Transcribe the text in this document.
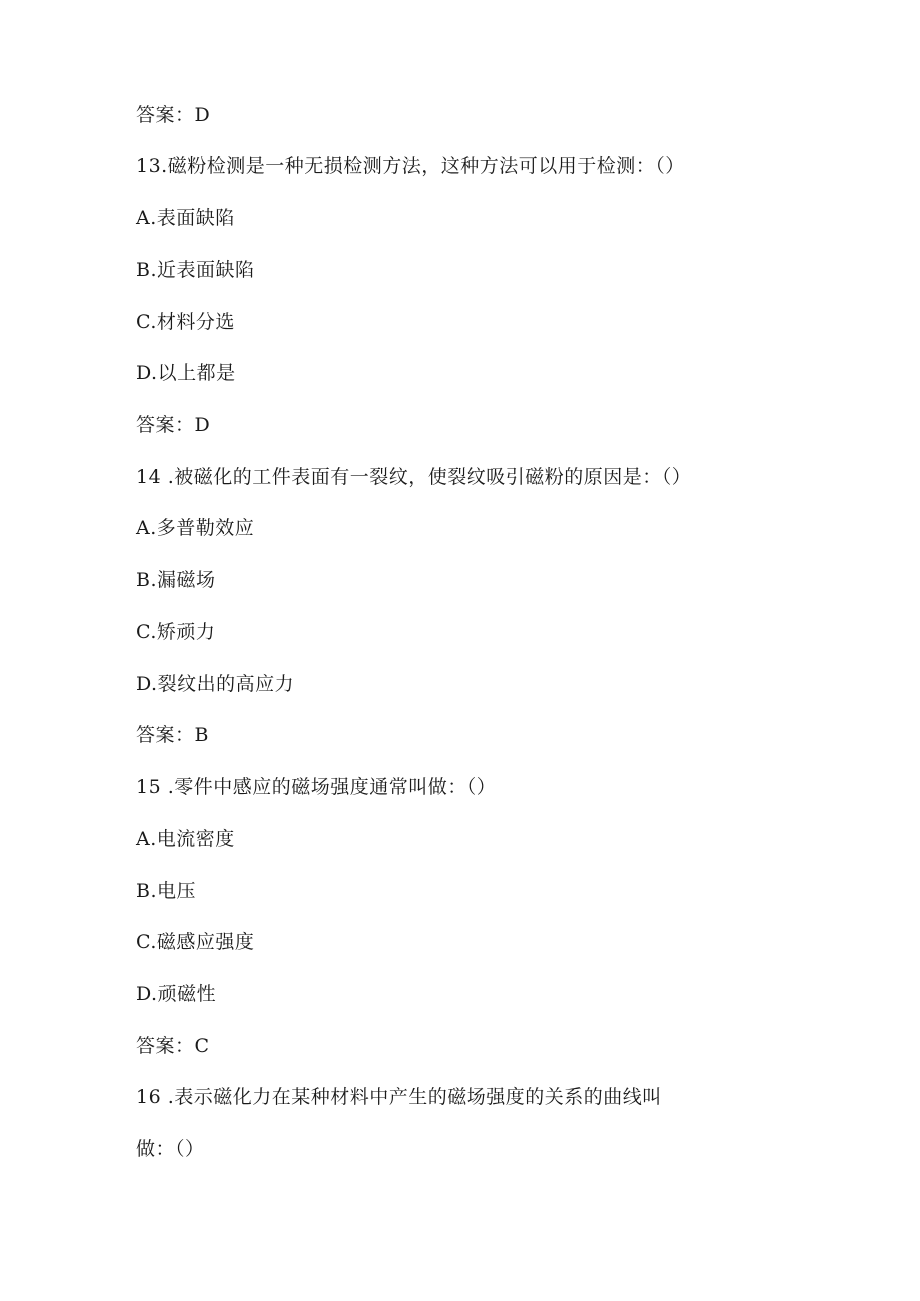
答案：D
13.磁粉检测是一种无损检测方法，这种方法可以用于检测：（）
A.表面缺陷
B.近表面缺陷
C.材料分选
D.以上都是
答案：D
14 .被磁化的工件表面有一裂纹，使裂纹吸引磁粉的原因是：（）
A.多普勒效应
B.漏磁场
C.矫顽力
D.裂纹出的高应力
答案：B
15 .零件中感应的磁场强度通常叫做：（）
A.电流密度
B.电压
C.磁感应强度
D.顽磁性
答案：C
16 .表示磁化力在某种材料中产生的磁场强度的关系的曲线叫
做：（）
